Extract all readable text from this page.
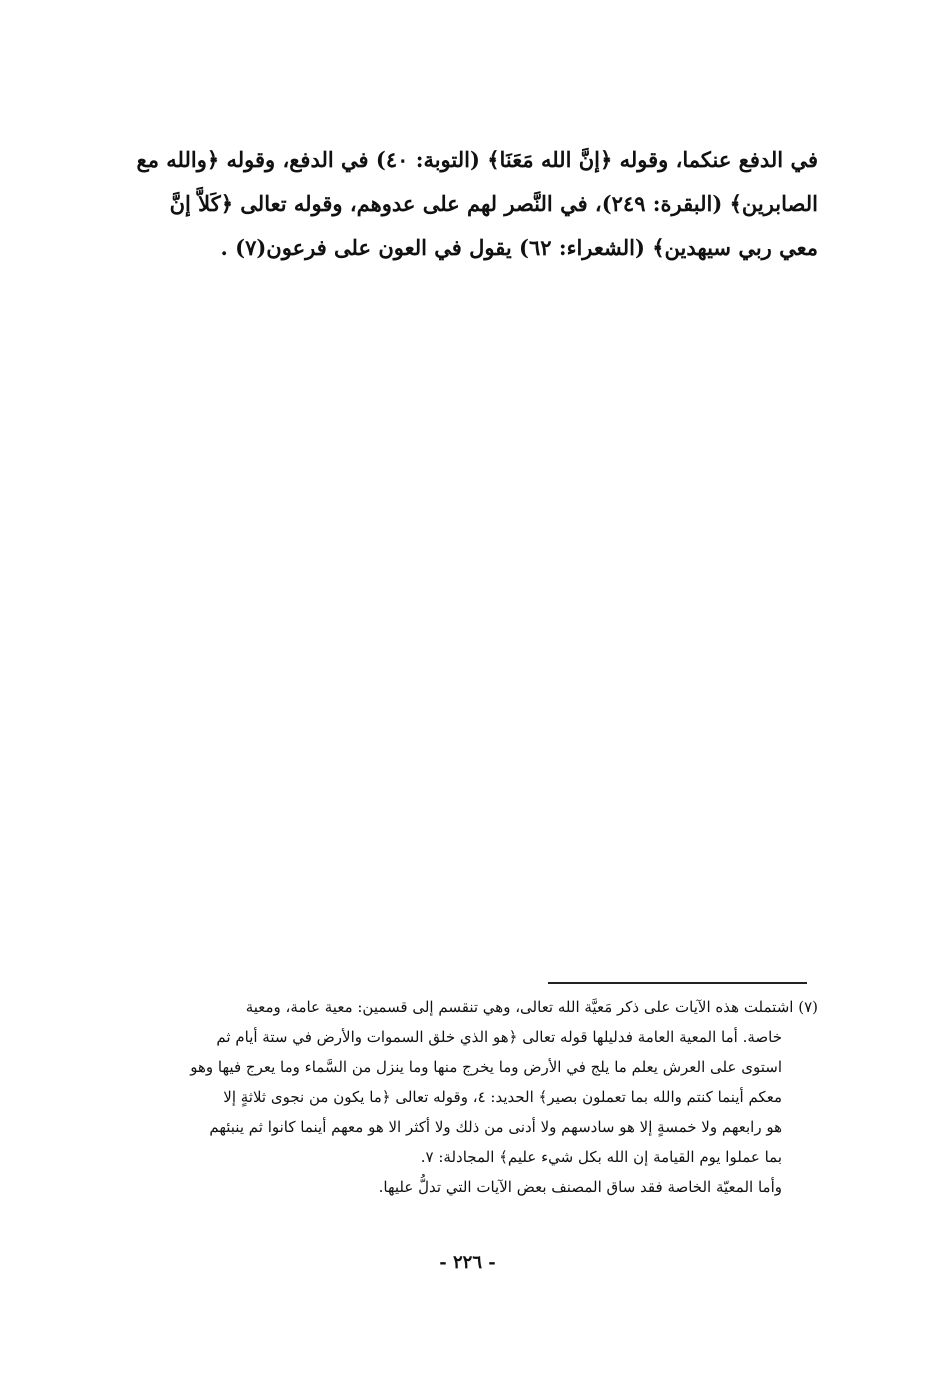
في الدفع عنكما، وقوله ﴿إنَّ الله مَعَنَا﴾ (التوبة: ٤٠) في الدفع، وقوله ﴿والله مع
الصابرين﴾ (البقرة: ٢٤٩)، في النَّصر لهم على عدوهم، وقوله تعالى ﴿كَلاَّ إنَّ
معي ربي سيهدين﴾ (الشعراء: ٦٢) يقول في العون على فرعون(٧) .
(٧) اشتملت هذه الآيات على ذكر مَعيَّة الله تعالى، وهي تنقسم إلى قسمين: معية عامة، ومعية
خاصة. أما المعية العامة فدليلها قوله تعالى ﴿هو الذي خلق السموات والأرض في ستة أيام ثم
استوى على العرش يعلم ما يلج في الأرض وما يخرج منها وما ينزل من السَّماء وما يعرج فيها وهو
معكم أينما كنتم والله بما تعملون بصير﴾ الحديد: ٤، وقوله تعالى ﴿ما يكون من نجوى ثلاثةٍ إلا
هو رابعهم ولا خمسةٍ إلا هو سادسهم ولا أدنى من ذلك ولا أكثر الا هو معهم أينما كانوا ثم ينبئهم
بما عملوا يوم القيامة إن الله بكل شيء عليم﴾ المجادلة: ٧.
وأما المعيّة الخاصة فقد ساق المصنف بعض الآيات التي تدلُّ عليها.
- ٢٢٦ -
